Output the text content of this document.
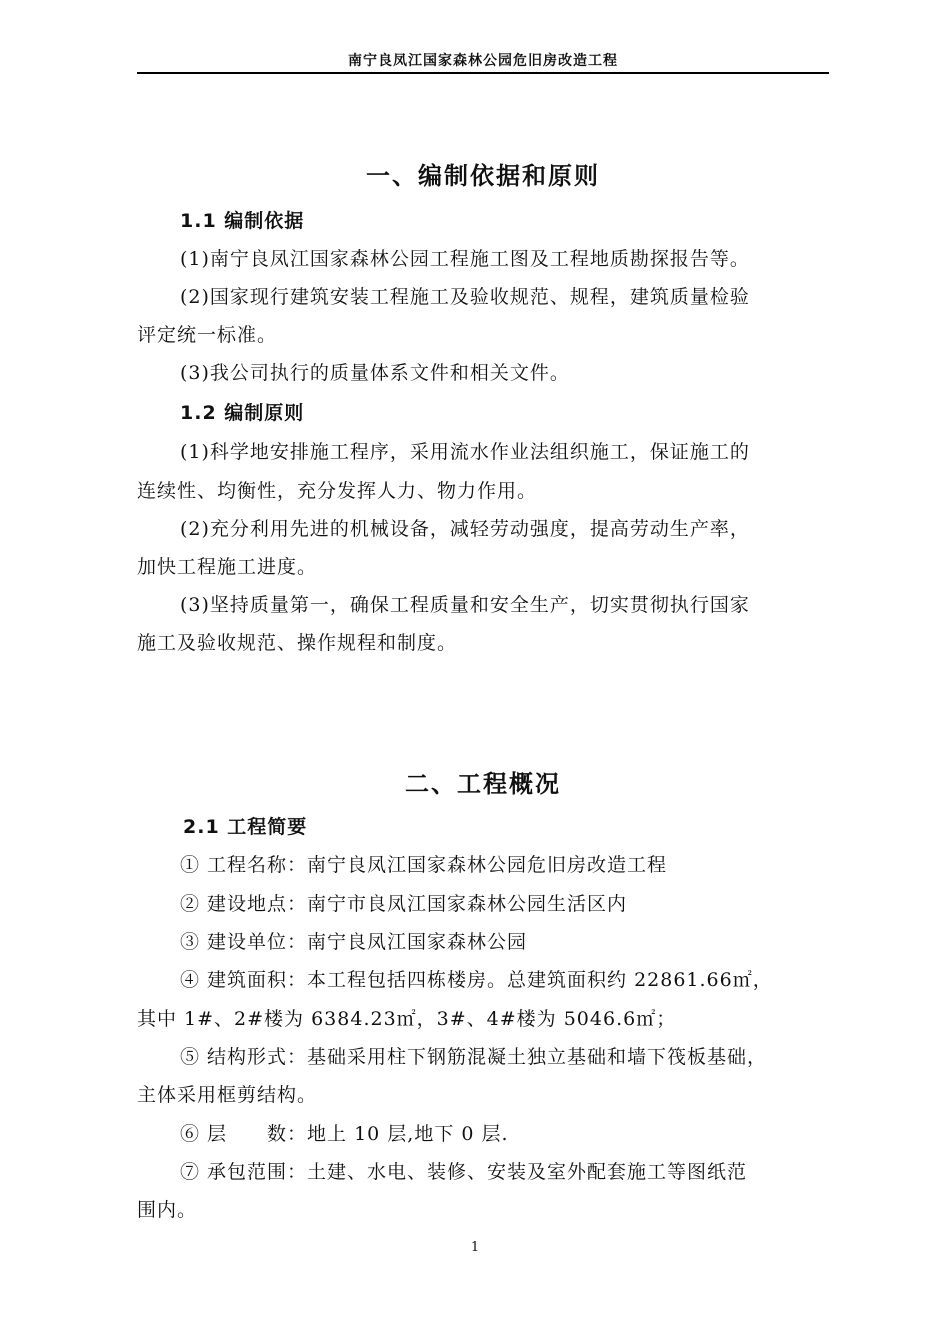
南宁良凤江国家森林公园危旧房改造工程
一、编制依据和原则
1.1 编制依据
(1)南宁良凤江国家森林公园工程施工图及工程地质勘探报告等。
(2)国家现行建筑安装工程施工及验收规范、规程，建筑质量检验
评定统一标准。
(3)我公司执行的质量体系文件和相关文件。
1.2 编制原则
(1)科学地安排施工程序，采用流水作业法组织施工，保证施工的
连续性、均衡性，充分发挥人力、物力作用。
(2)充分利用先进的机械设备，减轻劳动强度，提高劳动生产率，
加快工程施工进度。
(3)坚持质量第一，确保工程质量和安全生产，切实贯彻执行国家
施工及验收规范、操作规程和制度。
二、工程概况
2.1 工程简要
① 工程名称：南宁良凤江国家森林公园危旧房改造工程
② 建设地点：南宁市良凤江国家森林公园生活区内
③ 建设单位：南宁良凤江国家森林公园
④ 建筑面积：本工程包括四栋楼房。总建筑面积约 22861.66㎡，
其中 1#、2#楼为 6384.23㎡，3#、4#楼为 5046.6㎡；
⑤ 结构形式：基础采用柱下钢筋混凝土独立基础和墙下筏板基础，
主体采用框剪结构。
⑥ 层　　数：地上 10 层,地下 0 层.
⑦ 承包范围：土建、水电、装修、安装及室外配套施工等图纸范
围内。
1
